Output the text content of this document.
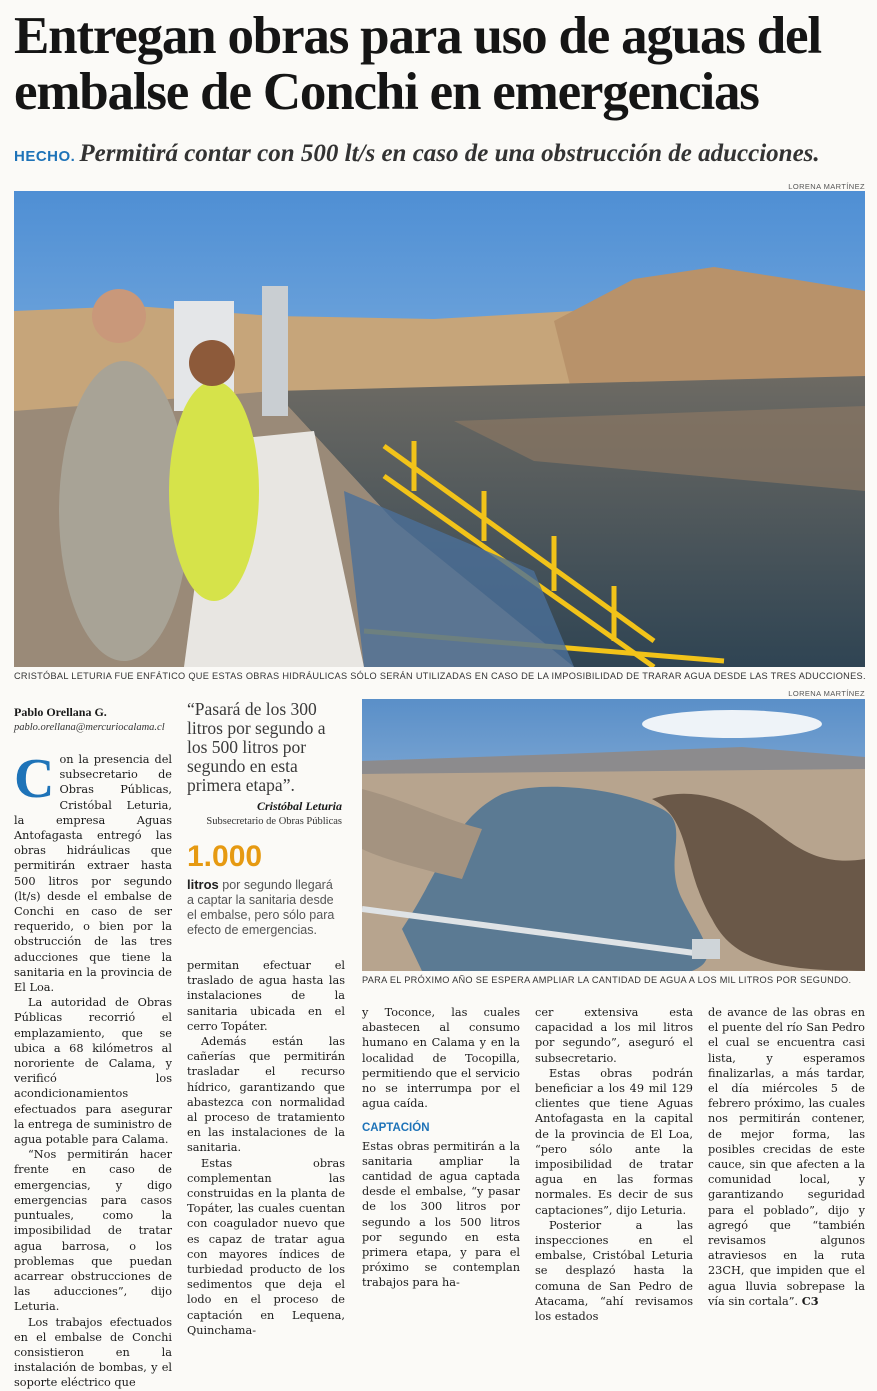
Entregan obras para uso de aguas del embalse de Conchi en emergencias
HECHO. Permitirá contar con 500 lt/s en caso de una obstrucción de aducciones.
LORENA MARTÍNEZ
CRISTÓBAL LETURIA FUE ENFÁTICO QUE ESTAS OBRAS HIDRÁULICAS SÓLO SERÁN UTILIZADAS EN CASO DE LA IMPOSIBILIDAD DE TRARAR AGUA DESDE LAS TRES ADUCCIONES.
LORENA MARTÍNEZ
PARA EL PRÓXIMO AÑO SE ESPERA AMPLIAR LA CANTIDAD DE AGUA A LOS MIL LITROS POR SEGUNDO.
Pablo Orellana G.
pablo.orellana@mercuriocalama.cl

Con la presencia del subsecretario de Obras Públicas, Cristóbal Leturia, la empresa Aguas Antofagasta entregó las obras hidráulicas que permitirán extraer hasta 500 litros por segundo (lt/s) desde el embalse de Conchi en caso de ser requerido, o bien por la obstrucción de las tres aducciones que tiene la sanitaria en la provincia de El Loa.

La autoridad de Obras Públicas recorrió el emplazamiento, que se ubica a 68 kilómetros al nororiente de Calama, y verificó los acondicionamientos efectuados para asegurar la entrega de suministro de agua potable para Calama.

“Nos permitirán hacer frente en caso de emergencias, y digo emergencias para casos puntuales, como la imposibilidad de tratar agua barrosa, o los problemas que puedan acarrear obstrucciones de las aducciones”, dijo Leturia.

Los trabajos efectuados en el embalse de Conchi consistieron en la instalación de bombas, y el soporte eléctrico que

“Pasará de los 300 litros por segundo a los 500 litros por segundo en esta primera etapa”.
Cristóbal Leturia
Subsecretario de Obras Públicas
1.000
litros por segundo llegará a captar la sanitaria desde el embalse, pero sólo para efecto de emergencias.

permitan efectuar el traslado de agua hasta las instalaciones de la sanitaria ubicada en el cerro Topáter.

Además están las cañerías que permitirán trasladar el recurso hídrico, garantizando que abastezca con normalidad al proceso de tratamiento en las instalaciones de la sanitaria.

Estas obras complementan las construidas en la planta de Topáter, las cuales cuentan con coagulador nuevo que es capaz de tratar agua con mayores índices de turbiedad producto de los sedimentos que deja el lodo en el proceso de captación en Lequena, Quinchama-

y Toconce, las cuales abastecen al consumo humano en Calama y en la localidad de Tocopilla, permitiendo que el servicio no se interrumpa por el agua caída.

CAPTACIÓN

Estas obras permitirán a la sanitaria ampliar la cantidad de agua captada desde el embalse, “y pasar de los 300 litros por segundo a los 500 litros por segundo en esta primera etapa, y para el próximo se contemplan trabajos para ha-

cer extensiva esta capacidad a los mil litros por segundo”, aseguró el subsecretario.

Estas obras podrán beneficiar a los 49 mil 129 clientes que tiene Aguas Antofagasta en la capital de la provincia de El Loa, “pero sólo ante la imposibilidad de tratar agua en las formas normales. Es decir de sus captaciones”, dijo Leturia.

Posterior a las inspecciones en el embalse, Cristóbal Leturia se desplazó hasta la comuna de San Pedro de Atacama, “ahí revisamos los estados

de avance de las obras en el puente del río San Pedro el cual se encuentra casi lista, y esperamos finalizarlas, a más tardar, el día miércoles 5 de febrero próximo, las cuales nos permitirán contener, de mejor forma, las posibles crecidas de este cauce, sin que afecten a la comunidad local, y garantizando seguridad para el poblado”, dijo y agregó que “también revisamos algunos atraviesos en la ruta 23CH, que impiden que el agua lluvia sobrepase la vía sin cortala”. C3
